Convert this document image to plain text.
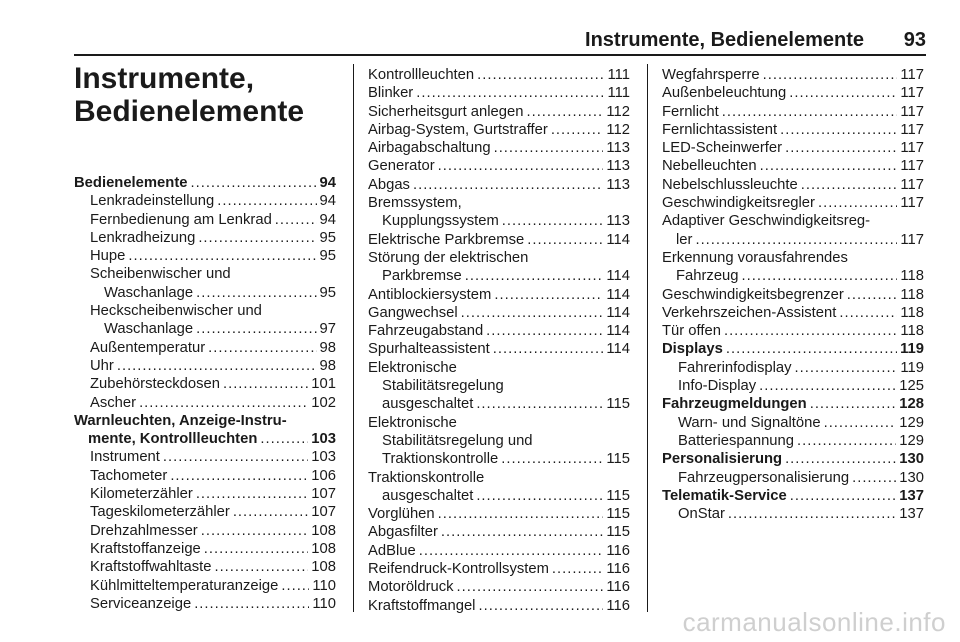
Instrumente, Bedienelemente 93
Instrumente,
Bedienelemente
Bedienelemente .....	94
Lenkradeinstellung .....	94
Fernbedienung am Lenkrad .....	94
Lenkradheizung .....	95
Hupe .....	95
Scheibenwischer und
Waschanlage .....	95
Heckscheibenwischer und
Waschanlage .....	97
Außentemperatur .....	98
Uhr .....	98
Zubehörsteckdosen .....	101
Ascher .....	102
Warnleuchten, Anzeige-Instru-
mente, Kontrollleuchten .....	103
Instrument .....	103
Tachometer .....	106
Kilometerzähler .....	107
Tageskilometerzähler .....	107
Drehzahlmesser .....	108
Kraftstoffanzeige .....	108
Kraftstoffwahltaste .....	108
Kühlmitteltemperaturanzeige ..... 110
Serviceanzeige .....	110
Kontrollleuchten .....	111
Blinker .....	111
Sicherheitsgurt anlegen .....	112
Airbag-System, Gurtstraffer .....	112
Airbagabschaltung .....	113
Generator .....	113
Abgas .....	113
Bremssystem,
Kupplungssystem .....	113
Elektrische Parkbremse .....	114
Störung der elektrischen
Parkbremse .....	114
Antiblockiersystem .....	114
Gangwechsel .....	114
Fahrzeugabstand .....	114
Spurhalteassistent .....	114
Elektronische
Stabilitätsregelung
ausgeschaltet .....	115
Elektronische
Stabilitätsregelung und
Traktionskontrolle .....	115
Traktionskontrolle
ausgeschaltet .....	115
Vorglühen .....	115
Abgasfilter .....	115
AdBlue .....	116
Reifendruck-Kontrollsystem .....	116
Motoröldruck .....	116
Kraftstoffmangel .....	116
Wegfahrsperre .....	117
Außenbeleuchtung .....	117
Fernlicht .....	117
Fernlichtassistent .....	117
LED-Scheinwerfer .....	117
Nebelleuchten .....	117
Nebelschlussleuchte .....	117
Geschwindigkeitsregler .....	117
Adaptiver Geschwindigkeitsreg-
ler .....	117
Erkennung vorausfahrendes
Fahrzeug .....	118
Geschwindigkeitsbegrenzer .....	118
Verkehrszeichen-Assistent .....	118
Tür offen .....	118
Displays .....	119
Fahrerinfodisplay .....	119
Info-Display .....	125
Fahrzeugmeldungen .....	128
Warn- und Signaltöne .....	129
Batteriespannung .....	129
Personalisierung .....	130
Fahrzeugpersonalisierung .....	130
Telematik-Service .....	137
OnStar .....	137
carmanualsonline.info
